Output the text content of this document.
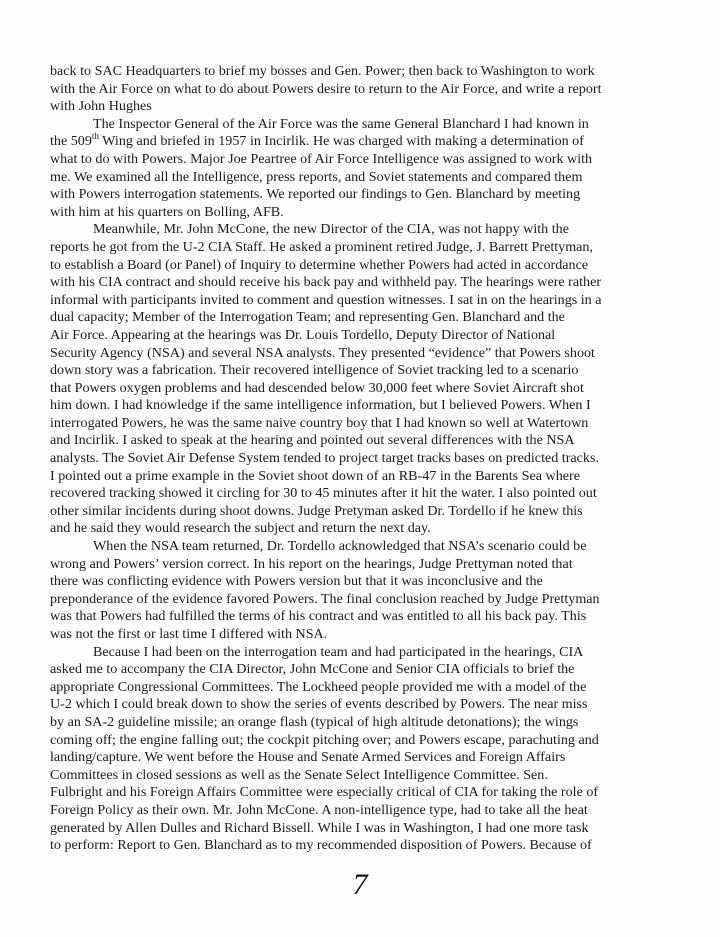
back to SAC Headquarters to brief my bosses and Gen. Power; then back to Washington to work
with the Air Force on what to do about Powers desire to return to the Air Force, and write a report
with John Hughes
The Inspector General of the Air Force was the same General Blanchard I had known in
the 509th Wing and briefed in 1957 in Incirlik. He was charged with making a determination of
what to do with Powers. Major Joe Peartree of Air Force Intelligence was assigned to work with
me. We examined all the Intelligence, press reports, and Soviet statements and compared them
with Powers interrogation statements. We reported our findings to Gen. Blanchard by meeting
with him at his quarters on Bolling, AFB.
Meanwhile, Mr. John McCone, the new Director of the CIA, was not happy with the
reports he got from the U-2 CIA Staff. He asked a prominent retired Judge, J. Barrett Prettyman,
to establish a Board (or Panel) of Inquiry to determine whether Powers had acted in accordance
with his CIA contract and should receive his back pay and withheld pay. The hearings were rather
informal with participants invited to comment and question witnesses. I sat in on the hearings in a
dual capacity; Member of the Interrogation Team; and representing Gen. Blanchard and the
Air Force. Appearing at the hearings was Dr. Louis Tordello, Deputy Director of National
Security Agency (NSA) and several NSA analysts. They presented “evidence” that Powers shoot
down story was a fabrication. Their recovered intelligence of Soviet tracking led to a scenario
that Powers oxygen problems and had descended below 30,000 feet where Soviet Aircraft shot
him down. I had knowledge if the same intelligence information, but I believed Powers. When I
interrogated Powers, he was the same naive country boy that I had known so well at Watertown
and Incirlik. I asked to speak at the hearing and pointed out several differences with the NSA
analysts. The Soviet Air Defense System tended to project target tracks bases on predicted tracks.
I pointed out a prime example in the Soviet shoot down of an RB-47 in the Barents Sea where
recovered tracking showed it circling for 30 to 45 minutes after it hit the water. I also pointed out
other similar incidents during shoot downs. Judge Pretyman asked Dr. Tordello if he knew this
and he said they would research the subject and return the next day.
When the NSA team returned, Dr. Tordello acknowledged that NSA’s scenario could be
wrong and Powers’ version correct. In his report on the hearings, Judge Prettyman noted that
there was conflicting evidence with Powers version but that it was inconclusive and the
preponderance of the evidence favored Powers. The final conclusion reached by Judge Prettyman
was that Powers had fulfilled the terms of his contract and was entitled to all his back pay. This
was not the first or last time I differed with NSA.
Because I had been on the interrogation team and had participated in the hearings, CIA
asked me to accompany the CIA Director, John McCone and Senior CIA officials to brief the
appropriate Congressional Committees. The Lockheed people provided me with a model of the
U-2 which I could break down to show the series of events described by Powers. The near miss
by an SA-2 guideline missile; an orange flash (typical of high altitude detonations); the wings
coming off; the engine falling out; the cockpit pitching over; and Powers escape, parachuting and
landing/capture. We went before the House and Senate Armed Services and Foreign Affairs
Committees in closed sessions as well as the Senate Select Intelligence Committee. Sen.
Fulbright and his Foreign Affairs Committee were especially critical of CIA for taking the role of
Foreign Policy as their own. Mr. John McCone. A non-intelligence type, had to take all the heat
generated by Allen Dulles and Richard Bissell. While I was in Washington, I had one more task
to perform: Report to Gen. Blanchard as to my recommended disposition of Powers. Because of
7
